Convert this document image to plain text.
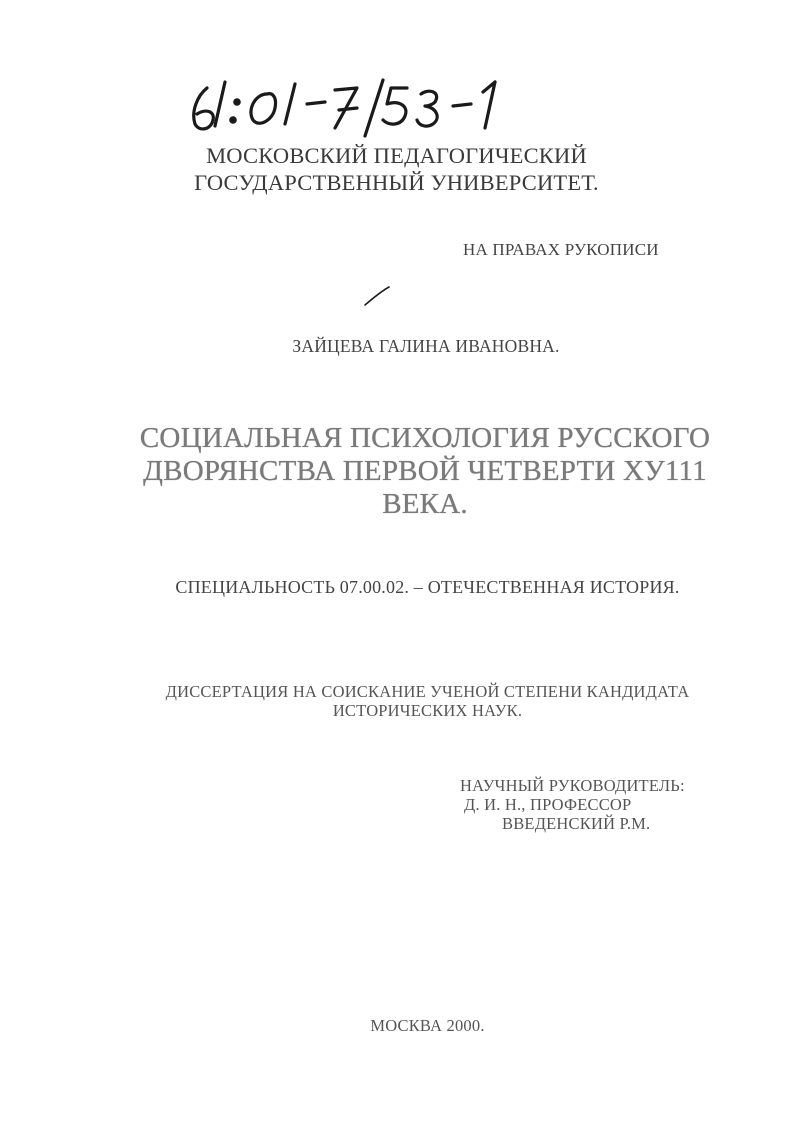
МОСКОВСКИЙ ПЕДАГОГИЧЕСКИЙ
ГОСУДАРСТВЕННЫЙ УНИВЕРСИТЕТ.
НА ПРАВАХ РУКОПИСИ
ЗАЙЦЕВА ГАЛИНА ИВАНОВНА.
СОЦИАЛЬНАЯ ПСИХОЛОГИЯ РУССКОГО
ДВОРЯНСТВА ПЕРВОЙ ЧЕТВЕРТИ ХУ111
ВЕКА.
СПЕЦИАЛЬНОСТЬ 07.00.02. – ОТЕЧЕСТВЕННАЯ ИСТОРИЯ.
ДИССЕРТАЦИЯ НА СОИСКАНИЕ УЧЕНОЙ СТЕПЕНИ КАНДИДАТА
ИСТОРИЧЕСКИХ НАУК.
НАУЧНЫЙ РУКОВОДИТЕЛЬ:
Д. И. Н., ПРОФЕССОР
ВВЕДЕНСКИЙ Р.М.
МОСКВА 2000.
